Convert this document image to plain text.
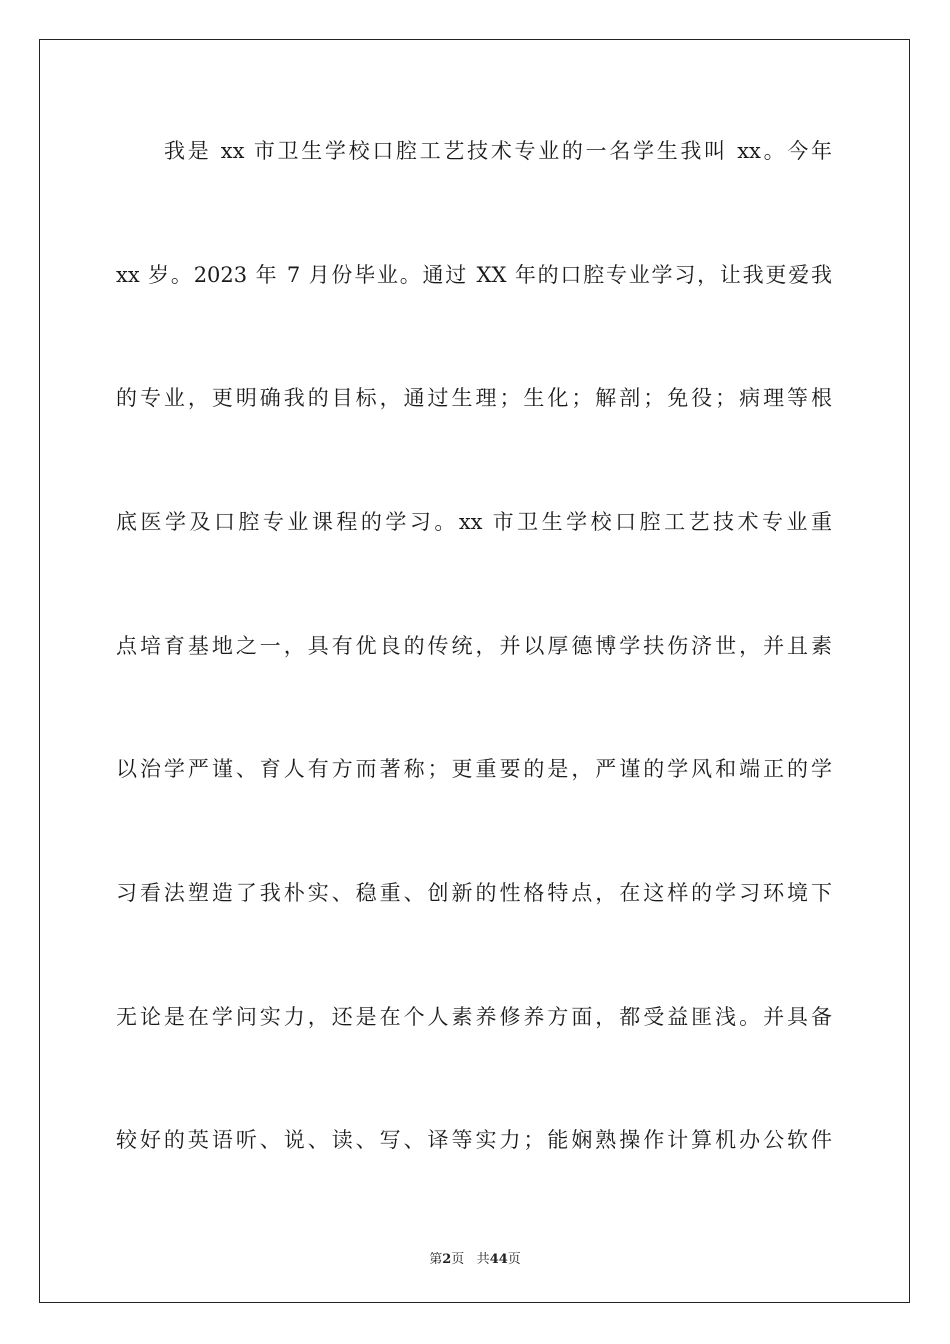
我是 xx 市卫生学校口腔工艺技术专业的一名学生我叫 xx。今年
xx 岁。2023 年 7 月份毕业。通过 XX 年的口腔专业学习，让我更爱我
的专业，更明确我的目标，通过生理；生化；解剖；免役；病理等根
底医学及口腔专业课程的学习。xx 市卫生学校口腔工艺技术专业重
点培育基地之一，具有优良的传统，并以厚德博学扶伤济世，并且素
以治学严谨、育人有方而著称；更重要的是，严谨的学风和端正的学
习看法塑造了我朴实、稳重、创新的性格特点，在这样的学习环境下
无论是在学问实力，还是在个人素养修养方面，都受益匪浅。并具备
较好的英语听、说、读、写、译等实力；能娴熟操作计算机办公软件
第2页 共44页
